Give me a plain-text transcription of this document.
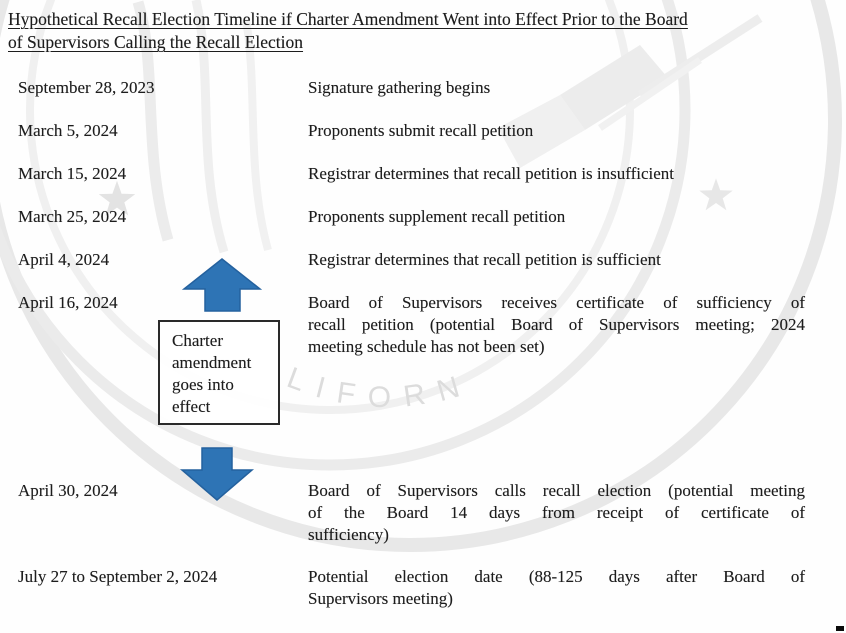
LIFORN
Hypothetical Recall Election Timeline if Charter Amendment Went into Effect Prior to the Board
of Supervisors Calling the Recall Election
September 28, 2023	Signature gathering begins
March 5, 2024	Proponents submit recall petition
March 15, 2024	Registrar determines that recall petition is insufficient
March 25, 2024	Proponents supplement recall petition
April 4, 2024	Registrar determines that recall petition is sufficient
April 16, 2024	Board of Supervisors receives certificate of sufficiency of
recall petition (potential Board of Supervisors meeting; 2024
meeting schedule has not been set)
Charter amendment goes into effect
April 30, 2024	Board of Supervisors calls recall election (potential meeting
of the Board 14 days from receipt of certificate of
sufficiency)
July 27 to September 2, 2024	Potential election date (88-125 days after Board of
Supervisors meeting)
